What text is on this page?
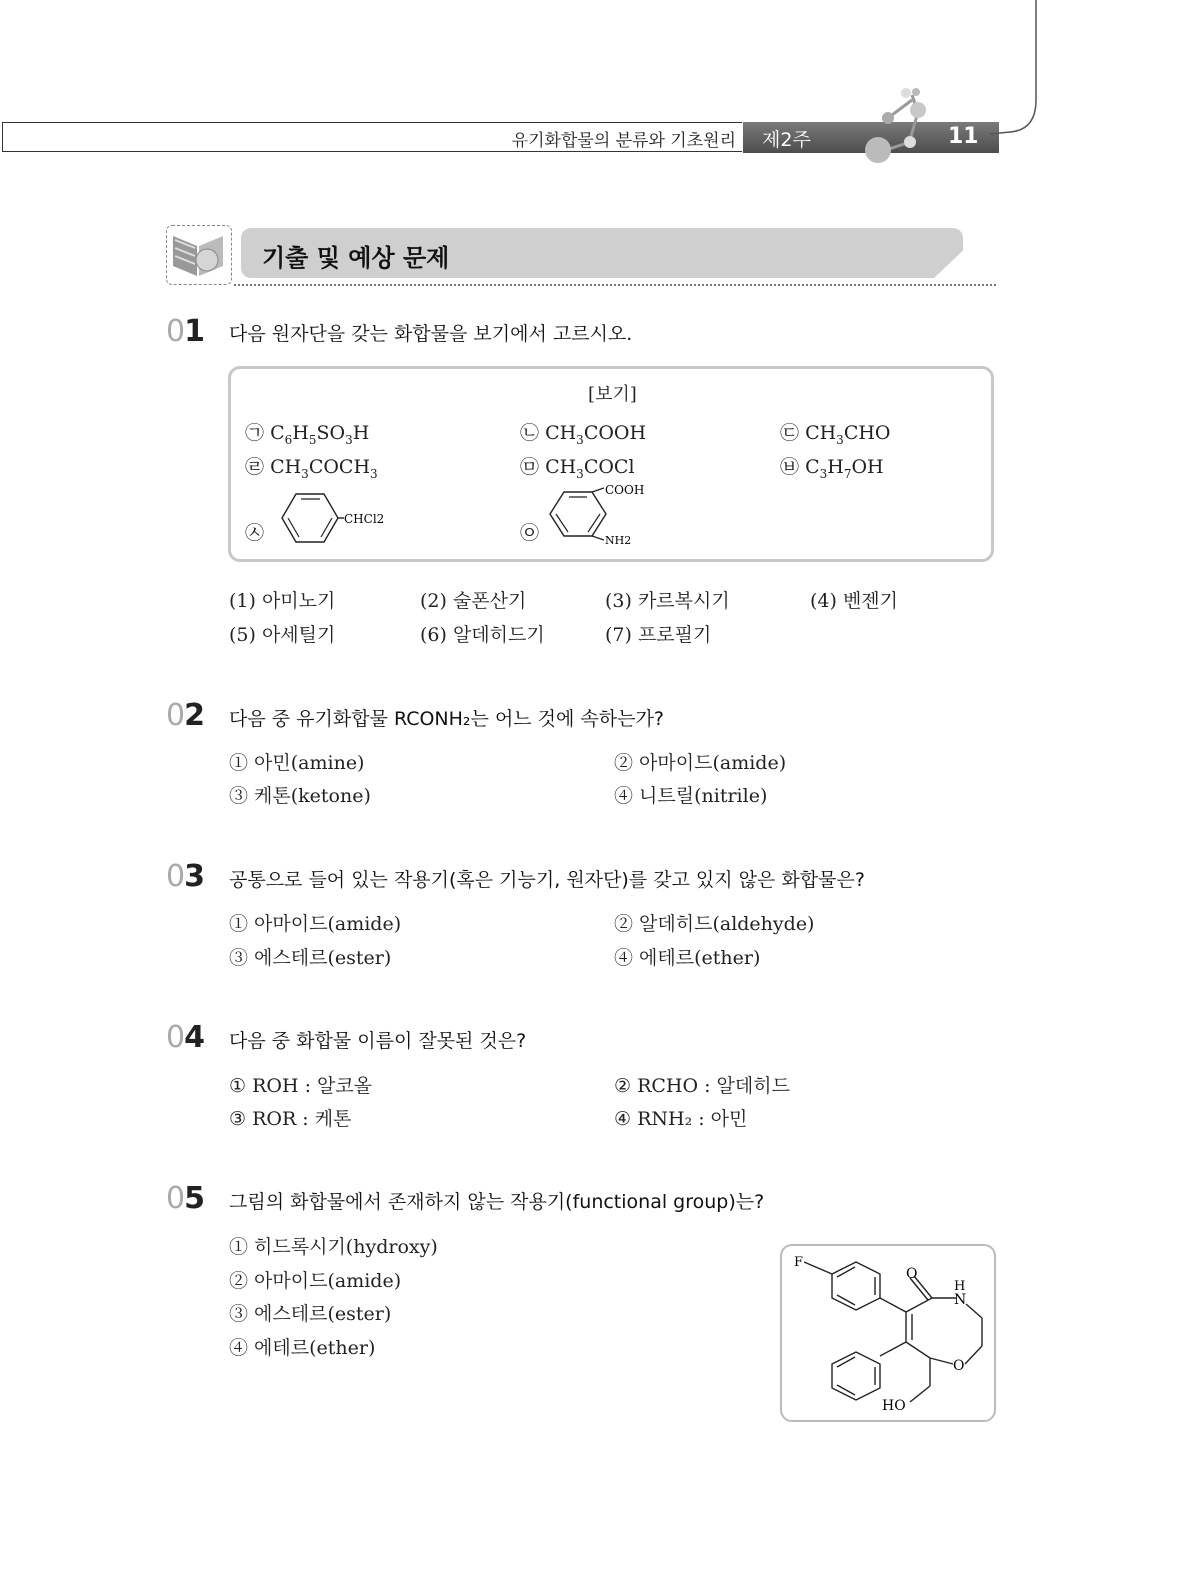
유기화합물의 분류와 기초원리 제2주	11
기출 및 예상 문제
01 다음 원자단을 갖는 화합물을 보기에서 고르시오.
[보기]
㉠ $C_6H_5SO_3H$	㉡ $CH_3COOH$	㉢ $CH_3CHO$
㉣ $CH_3COCH_3$	㉤ $CH_3COCl$	㉥ $C_3H_7OH$
㉦
CHCl2
㉧
COOH
NH2
(1) 아미노기	(2) 술폰산기	(3) 카르복시기	(4) 벤젠기
(5) 아세틸기	(6) 알데히드기	(7) 프로필기
02 다음 중 유기화합물 RCONH₂는 어느 것에 속하는가?
① 아민(amine)	② 아마이드(amide)
③ 케톤(ketone)	④ 니트릴(nitrile)
03 공통으로 들어 있는 작용기(혹은 기능기, 원자단)를 갖고 있지 않은 화합물은?
① 아마이드(amide)	② 알데히드(aldehyde)
③ 에스테르(ester)	④ 에테르(ether)
04 다음 중 화합물 이름이 잘못된 것은?
① ROH : 알코올	② RCHO : 알데히드
③ ROR : 케톤	④ RNH₂ : 아민
05 그림의 화합물에서 존재하지 않는 작용기(functional group)는?
① 히드록시기(hydroxy)
② 아마이드(amide)
③ 에스테르(ester)
④ 에테르(ether)
F
O
H
N
O
HO
